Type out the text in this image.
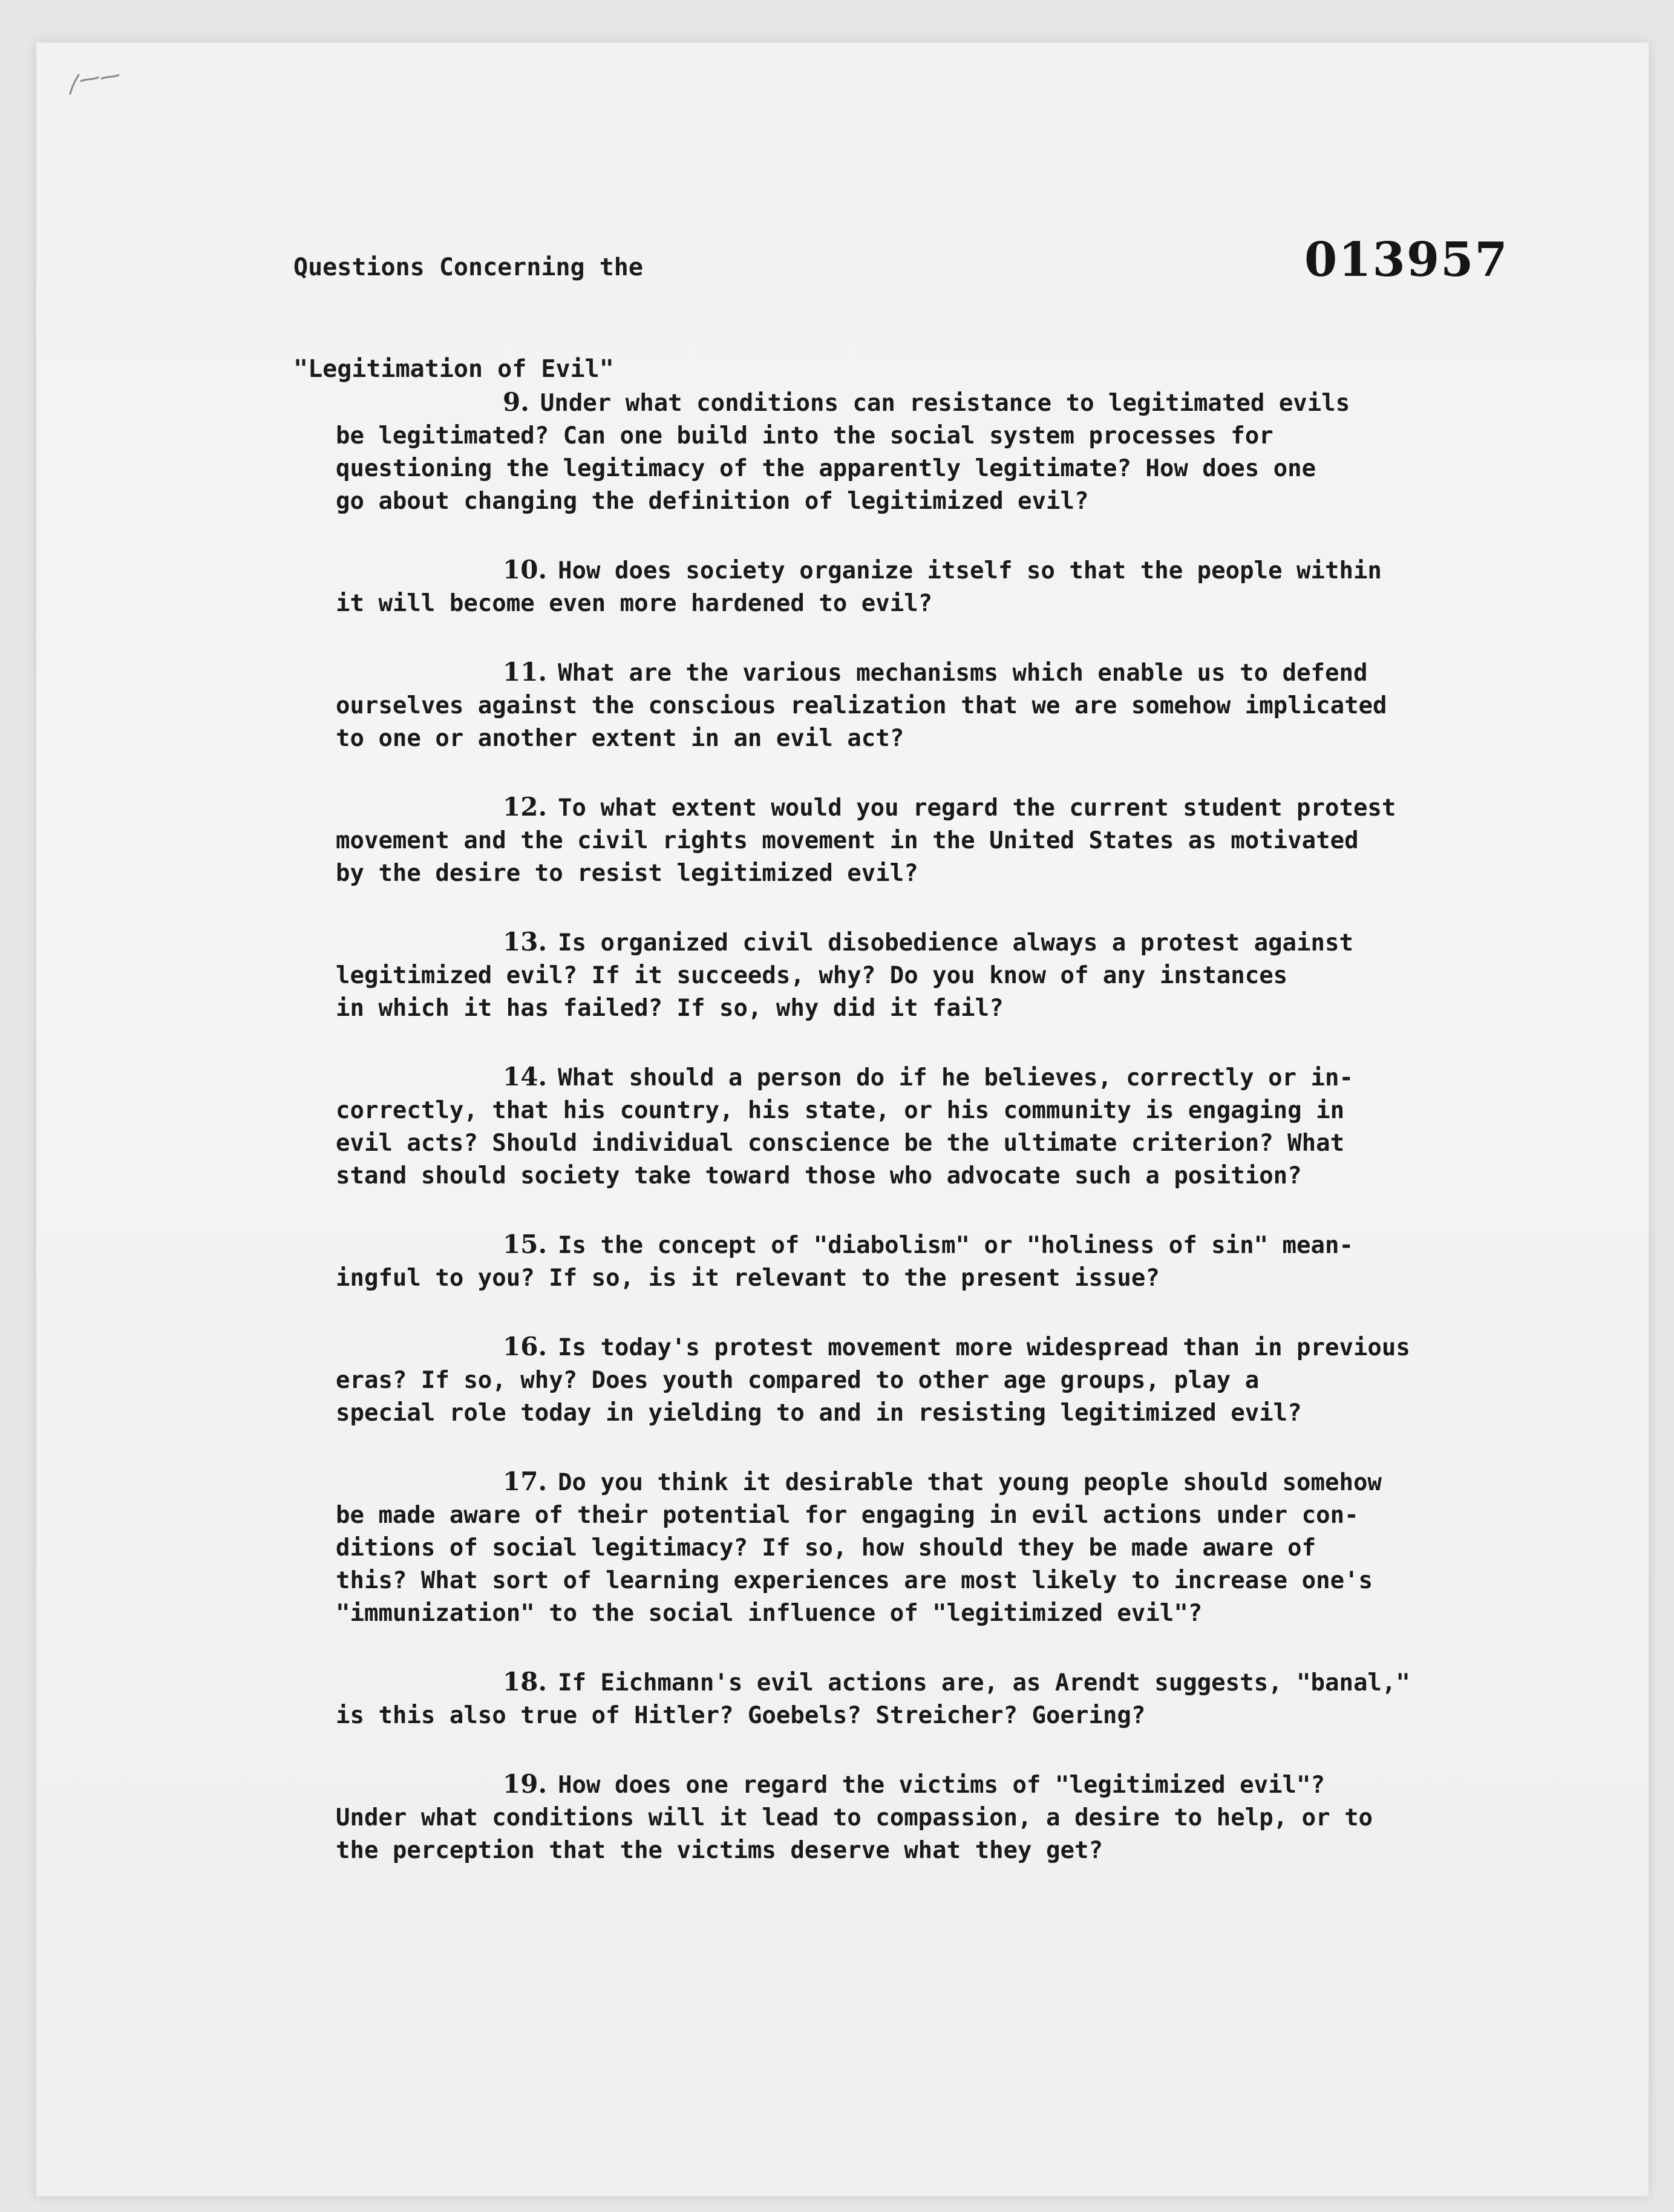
Questions Concerning the

"Legitimation of Evil"

013957
9. Under what conditions can resistance to legitimated evils
be legitimated? Can one build into the social system processes for
questioning the legitimacy of the apparently legitimate? How does one
go about changing the definition of legitimized evil?
10. How does society organize itself so that the people within
it will become even more hardened to evil?
11. What are the various mechanisms which enable us to defend
ourselves against the conscious realization that we are somehow implicated
to one or another extent in an evil act?
12. To what extent would you regard the current student protest
movement and the civil rights movement in the United States as motivated
by the desire to resist legitimized evil?
13. Is organized civil disobedience always a protest against
legitimized evil? If it succeeds, why? Do you know of any instances
in which it has failed? If so, why did it fail?
14. What should a person do if he believes, correctly or in-
correctly, that his country, his state, or his community is engaging in
evil acts? Should individual conscience be the ultimate criterion? What
stand should society take toward those who advocate such a position?
15. Is the concept of "diabolism" or "holiness of sin" mean-
ingful to you? If so, is it relevant to the present issue?
16. Is today's protest movement more widespread than in previous
eras? If so, why? Does youth compared to other age groups, play a
special role today in yielding to and in resisting legitimized evil?
17. Do you think it desirable that young people should somehow
be made aware of their potential for engaging in evil actions under con-
ditions of social legitimacy? If so, how should they be made aware of
this? What sort of learning experiences are most likely to increase one's
"immunization" to the social influence of "legitimized evil"?
18. If Eichmann's evil actions are, as Arendt suggests, "banal,"
is this also true of Hitler? Goebels? Streicher? Goering?
19. How does one regard the victims of "legitimized evil"?
Under what conditions will it lead to compassion, a desire to help, or to
the perception that the victims deserve what they get?
